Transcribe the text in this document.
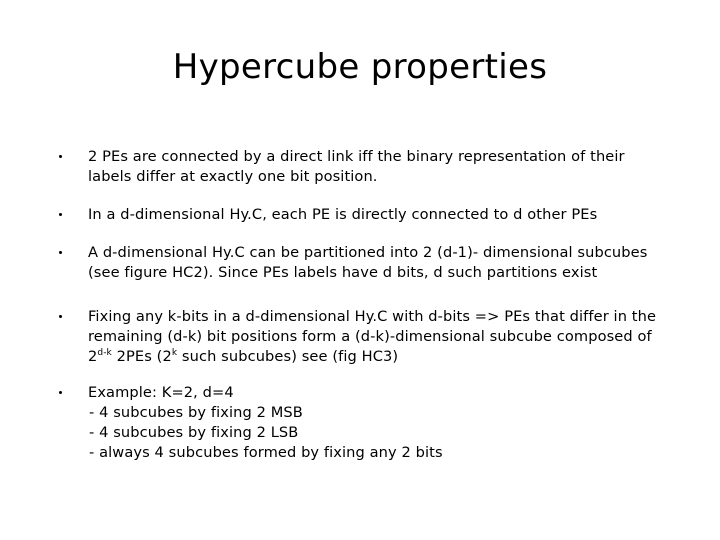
Hypercube properties
2 PEs are connected by a direct link iff the binary representation of their
labels differ at exactly one bit position.
In a d-dimensional Hy.C, each PE is directly connected to d other PEs
A d-dimensional Hy.C can be partitioned into 2 (d-1)- dimensional subcubes
(see figure HC2). Since PEs labels have d bits, d such partitions exist
Fixing any k-bits in a d-dimensional Hy.C with d-bits => PEs that differ in the
remaining (d-k) bit positions form a (d-k)-dimensional subcube composed of
2$^{d-k}$ 2PEs (2$^k$ such subcubes) see (fig HC3)
Example: K=2, d=4
- 4 subcubes by fixing 2 MSB
- 4 subcubes by fixing 2 LSB
- always 4 subcubes formed by fixing any 2 bits
